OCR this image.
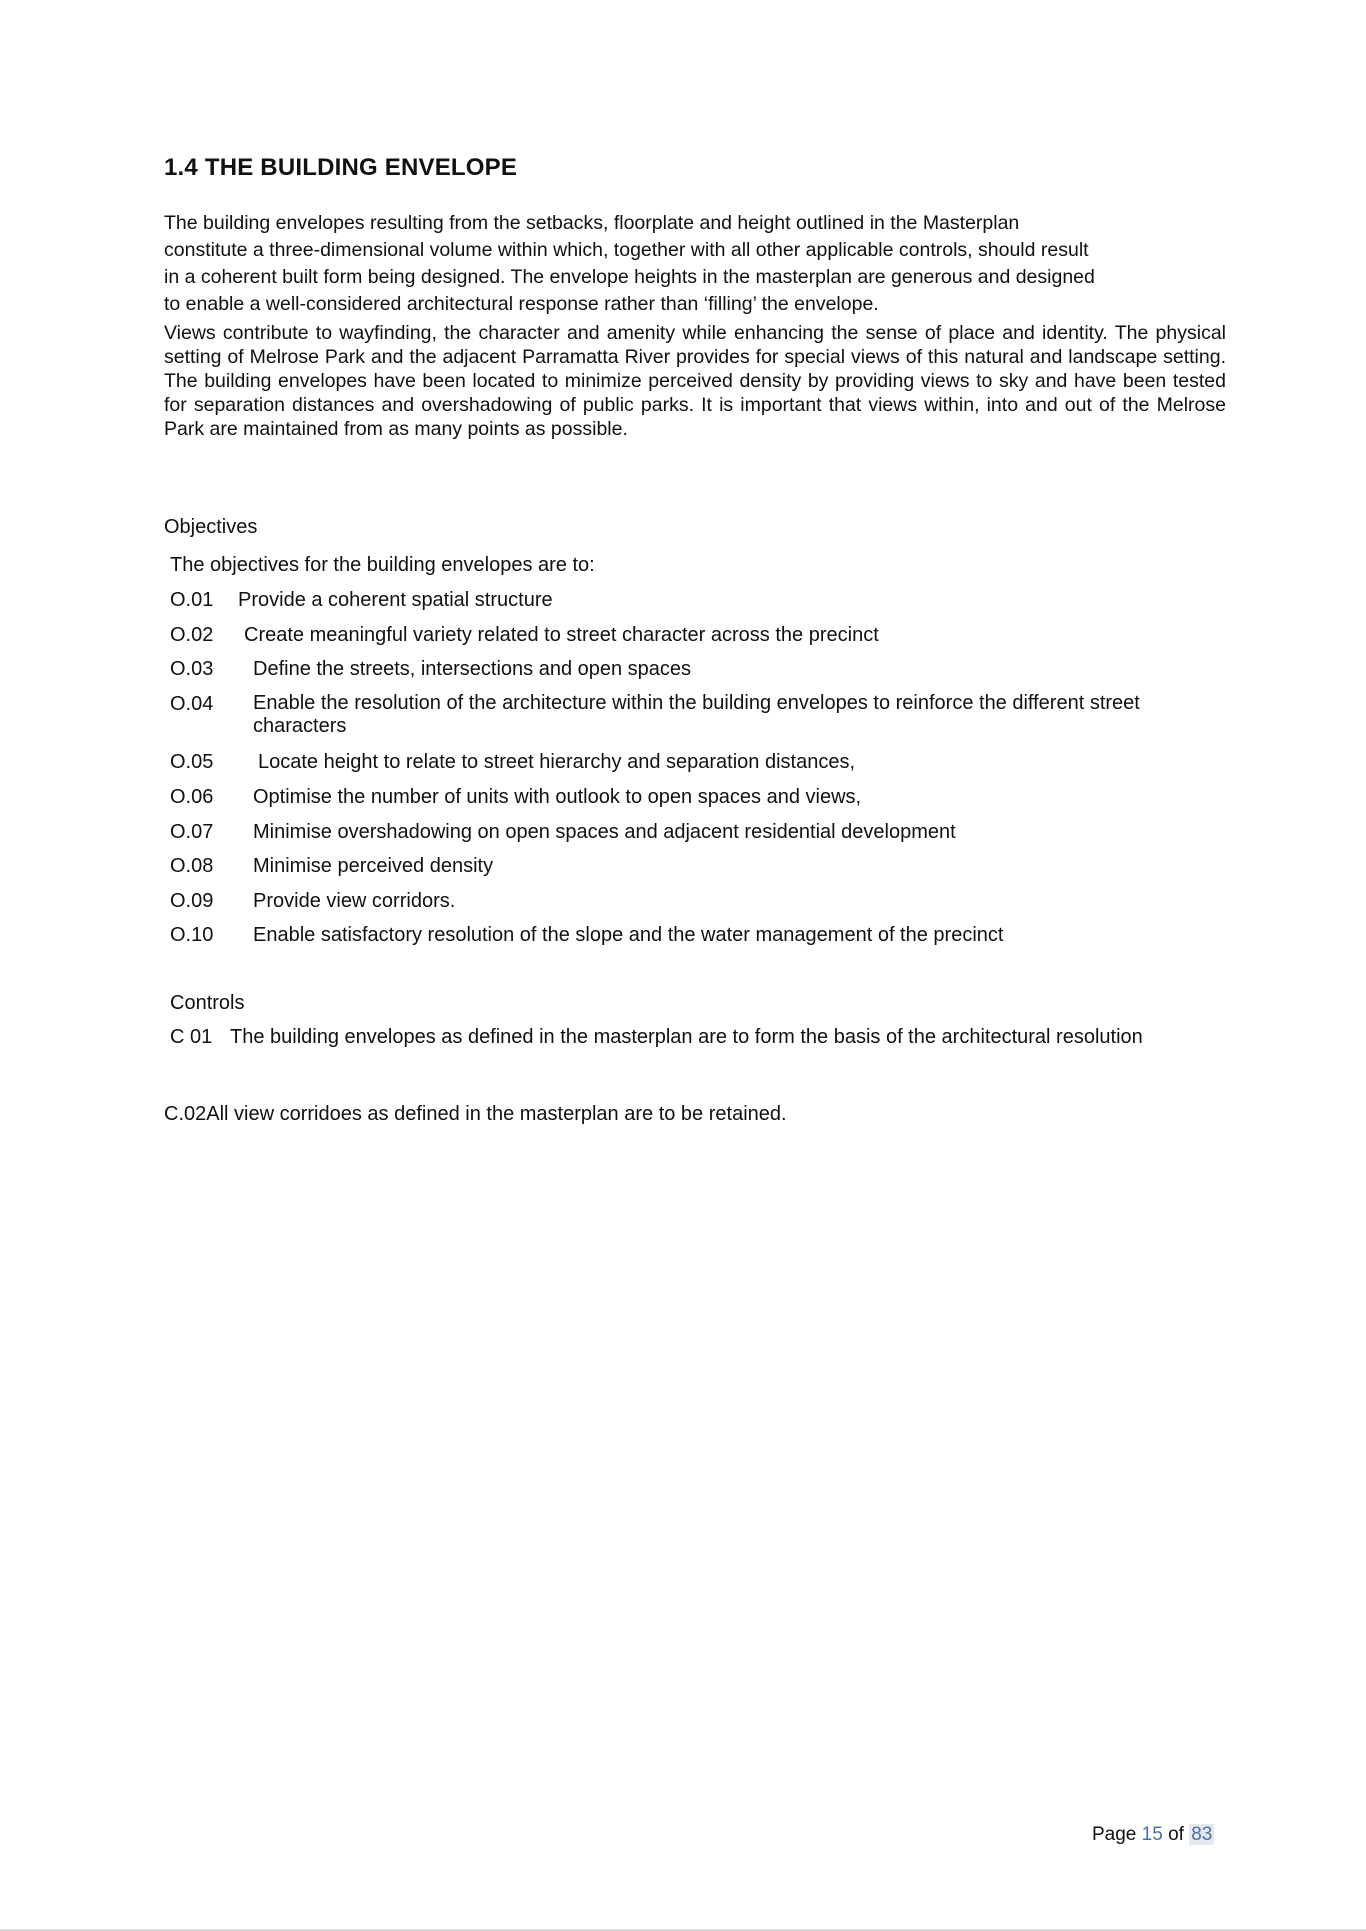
1.4 THE BUILDING ENVELOPE

The building envelopes resulting from the setbacks, floorplate and height outlined in the Masterplan
constitute a three-dimensional volume within which, together with all other applicable controls, should result
in a coherent built form being designed. The envelope heights in the masterplan are generous and designed
to enable a well-considered architectural response rather than ‘filling’ the envelope.

Views contribute to wayfinding, the character and amenity while enhancing the sense of place and identity. The physical setting of Melrose Park and the adjacent Parramatta River provides for special views of this natural and landscape setting. The building envelopes have been located to minimize perceived density by providing views to sky and have been tested for separation distances and overshadowing of public parks. It is important that views within, into and out of the Melrose Park are maintained from as many points as possible.

Objectives

The objectives for the building envelopes are to:

O.01 Provide a coherent spatial structure
O.02 Create meaningful variety related to street character across the precinct
O.03 Define the streets, intersections and open spaces
O.04 Enable the resolution of the architecture within the building envelopes to reinforce the different street characters
O.05 Locate height to relate to street hierarchy and separation distances,
O.06 Optimise the number of units with outlook to open spaces and views,
O.07 Minimise overshadowing on open spaces and adjacent residential development
O.08 Minimise perceived density
O.09 Provide view corridors.
O.10 Enable satisfactory resolution of the slope and the water management of the precinct

Controls

C 01 The building envelopes as defined in the masterplan are to form the basis of the architectural resolution
C.02All view corridoes as defined in the masterplan are to be retained.
Page 15 of 83
